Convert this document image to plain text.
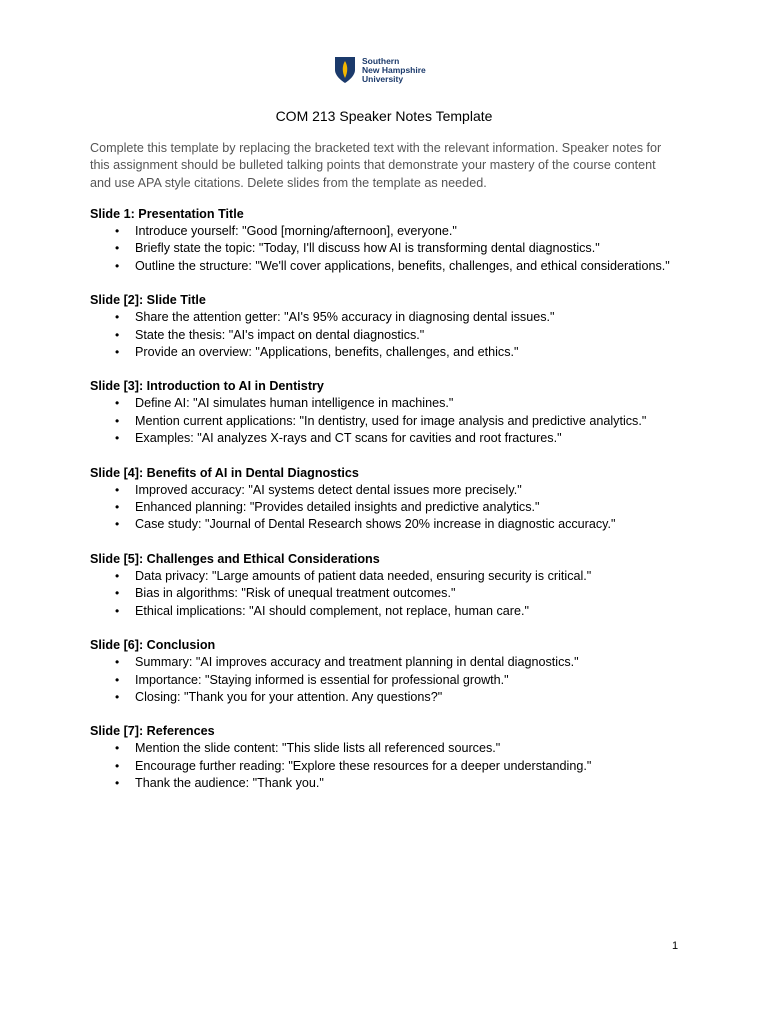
Southern
New Hampshire
University
COM 213 Speaker Notes Template
Complete this template by replacing the bracketed text with the relevant information. Speaker notes for this assignment should be bulleted talking points that demonstrate your mastery of the course content and use APA style citations. Delete slides from the template as needed.
Slide 1: Presentation Title
• Introduce yourself: "Good [morning/afternoon], everyone."
• Briefly state the topic: "Today, I'll discuss how AI is transforming dental diagnostics."
• Outline the structure: "We'll cover applications, benefits, challenges, and ethical considerations."
Slide [2]: Slide Title
• Share the attention getter: "AI's 95% accuracy in diagnosing dental issues."
• State the thesis: "AI's impact on dental diagnostics."
• Provide an overview: "Applications, benefits, challenges, and ethics."
Slide [3]: Introduction to AI in Dentistry
• Define AI: "AI simulates human intelligence in machines."
• Mention current applications: "In dentistry, used for image analysis and predictive analytics."
• Examples: "AI analyzes X-rays and CT scans for cavities and root fractures."
Slide [4]: Benefits of AI in Dental Diagnostics
• Improved accuracy: "AI systems detect dental issues more precisely."
• Enhanced planning: "Provides detailed insights and predictive analytics."
• Case study: "Journal of Dental Research shows 20% increase in diagnostic accuracy."
Slide [5]: Challenges and Ethical Considerations
• Data privacy: "Large amounts of patient data needed, ensuring security is critical."
• Bias in algorithms: "Risk of unequal treatment outcomes."
• Ethical implications: "AI should complement, not replace, human care."
Slide [6]: Conclusion
• Summary: "AI improves accuracy and treatment planning in dental diagnostics."
• Importance: "Staying informed is essential for professional growth."
• Closing: "Thank you for your attention. Any questions?"
Slide [7]: References
• Mention the slide content: "This slide lists all referenced sources."
• Encourage further reading: "Explore these resources for a deeper understanding."
• Thank the audience: "Thank you."
1
